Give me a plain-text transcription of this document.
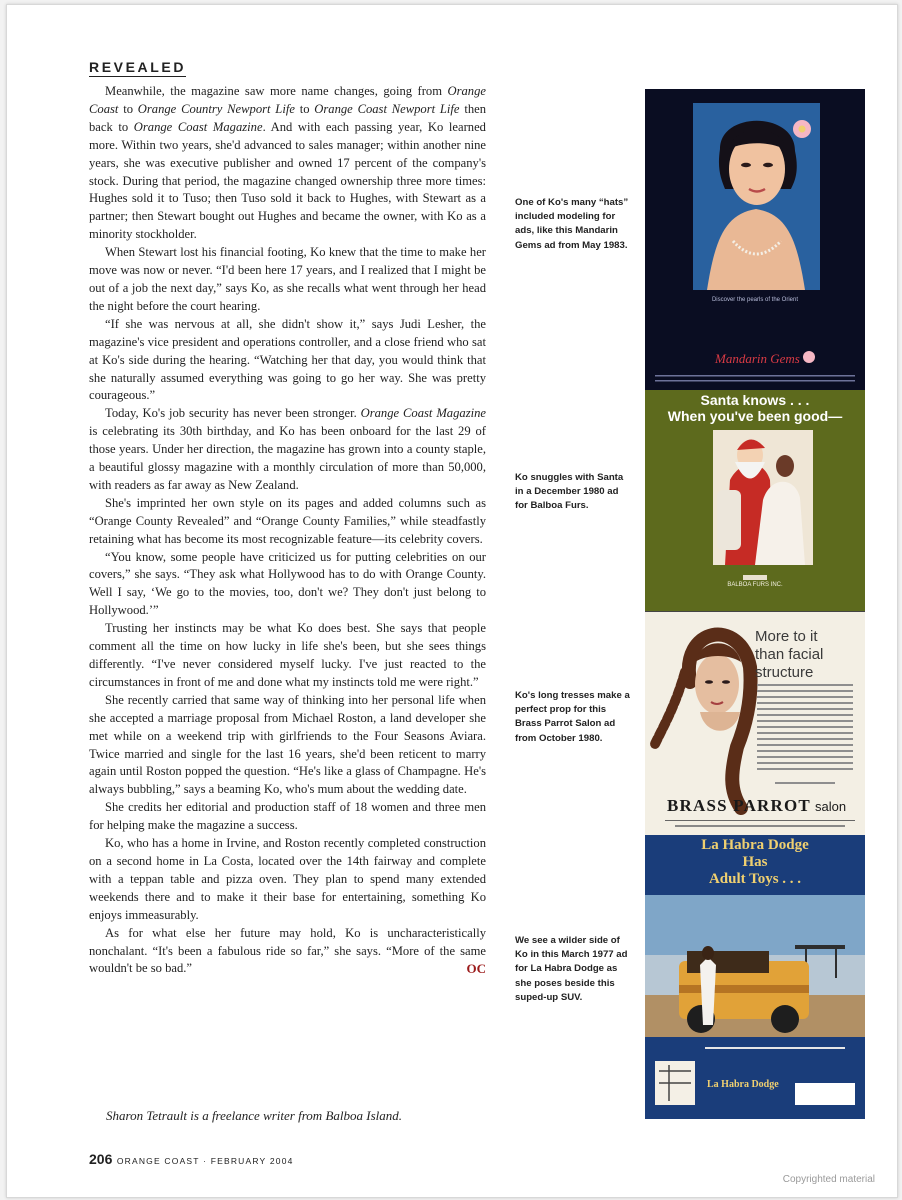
REVEALED

Meanwhile, the magazine saw more name changes, going from Orange Coast to Orange Country Newport Life to Orange Coast Newport Life then back to Orange Coast Magazine. And with each passing year, Ko learned more. Within two years, she'd advanced to sales manager; within another nine years, she was executive publisher and owned 17 percent of the company's stock. During that period, the magazine changed ownership three more times: Hughes sold it to Tuso; then Tuso sold it back to Hughes, with Stewart as a partner; then Stewart bought out Hughes and became the owner, with Ko as a minority stockholder.

When Stewart lost his financial footing, Ko knew that the time to make her move was now or never. “I'd been here 17 years, and I realized that I might be out of a job the next day,” says Ko, as she recalls what went through her head the night before the court hearing.

“If she was nervous at all, she didn't show it,” says Judi Lesher, the magazine's vice president and operations controller, and a close friend who sat at Ko's side during the hearing. “Watching her that day, you would think that she naturally assumed everything was going to go her way. She was pretty courageous.”

Today, Ko's job security has never been stronger. Orange Coast Magazine is celebrating its 30th birthday, and Ko has been onboard for the last 29 of those years. Under her direction, the magazine has grown into a county staple, a beautiful glossy magazine with a monthly circulation of more than 50,000, with readers as far away as New Zealand.

She's imprinted her own style on its pages and added columns such as “Orange County Revealed” and “Orange County Families,” while steadfastly retaining what has become its most recognizable feature—its celebrity covers.

“You know, some people have criticized us for putting celebrities on our covers,” she says. “They ask what Hollywood has to do with Orange County. Well I say, ‘We go to the movies, too, don't we? They don't just belong to Hollywood.’”

Trusting her instincts may be what Ko does best. She says that people comment all the time on how lucky in life she's been, but she sees things differently. “I've never considered myself lucky. I've just reacted to the circumstances in front of me and done what my instincts told me were right.”

She recently carried that same way of thinking into her personal life when she accepted a marriage proposal from Michael Roston, a land developer she met while on a weekend trip with girlfriends to the Four Seasons Aviara. Twice married and single for the last 16 years, she'd been reticent to marry again until Roston popped the question. “He's like a glass of Champagne. He's always bubbling,” says a beaming Ko, who's mum about the wedding date.

She credits her editorial and production staff of 18 women and three men for helping make the magazine a success.

Ko, who has a home in Irvine, and Roston recently completed construction on a second home in La Costa, located over the 14th fairway and complete with a teppan table and pizza oven. They plan to spend many extended weekends there and to make it their base for entertaining, something Ko enjoys immeasurably.

As for what else her future may hold, Ko is uncharacteristically nonchalant. “It's been a fabulous ride so far,” she says. “More of the same wouldn't be so bad.”	OC

Sharon Tetrault is a freelance writer from Balboa Island.
206 ORANGE COAST · FEBRUARY 2004
One of Ko's many “hats” included modeling for ads, like this Mandarin Gems ad from May 1983.
Ko snuggles with Santa in a December 1980 ad for Balboa Furs.
Ko's long tresses make a perfect prop for this Brass Parrot Salon ad from October 1980.
We see a wilder side of Ko in this March 1977 ad for La Habra Dodge as she poses beside this suped-up SUV.
Discover the pearls of the Orient
Mandarin Gems
Santa knows . . .
When you've been good—
BALBOA FURS INC.
More to it
than facial
structure
BRASS PARROT salon
La Habra Dodge
Has
Adult Toys . . .
La Habra Dodge
Copyrighted material
